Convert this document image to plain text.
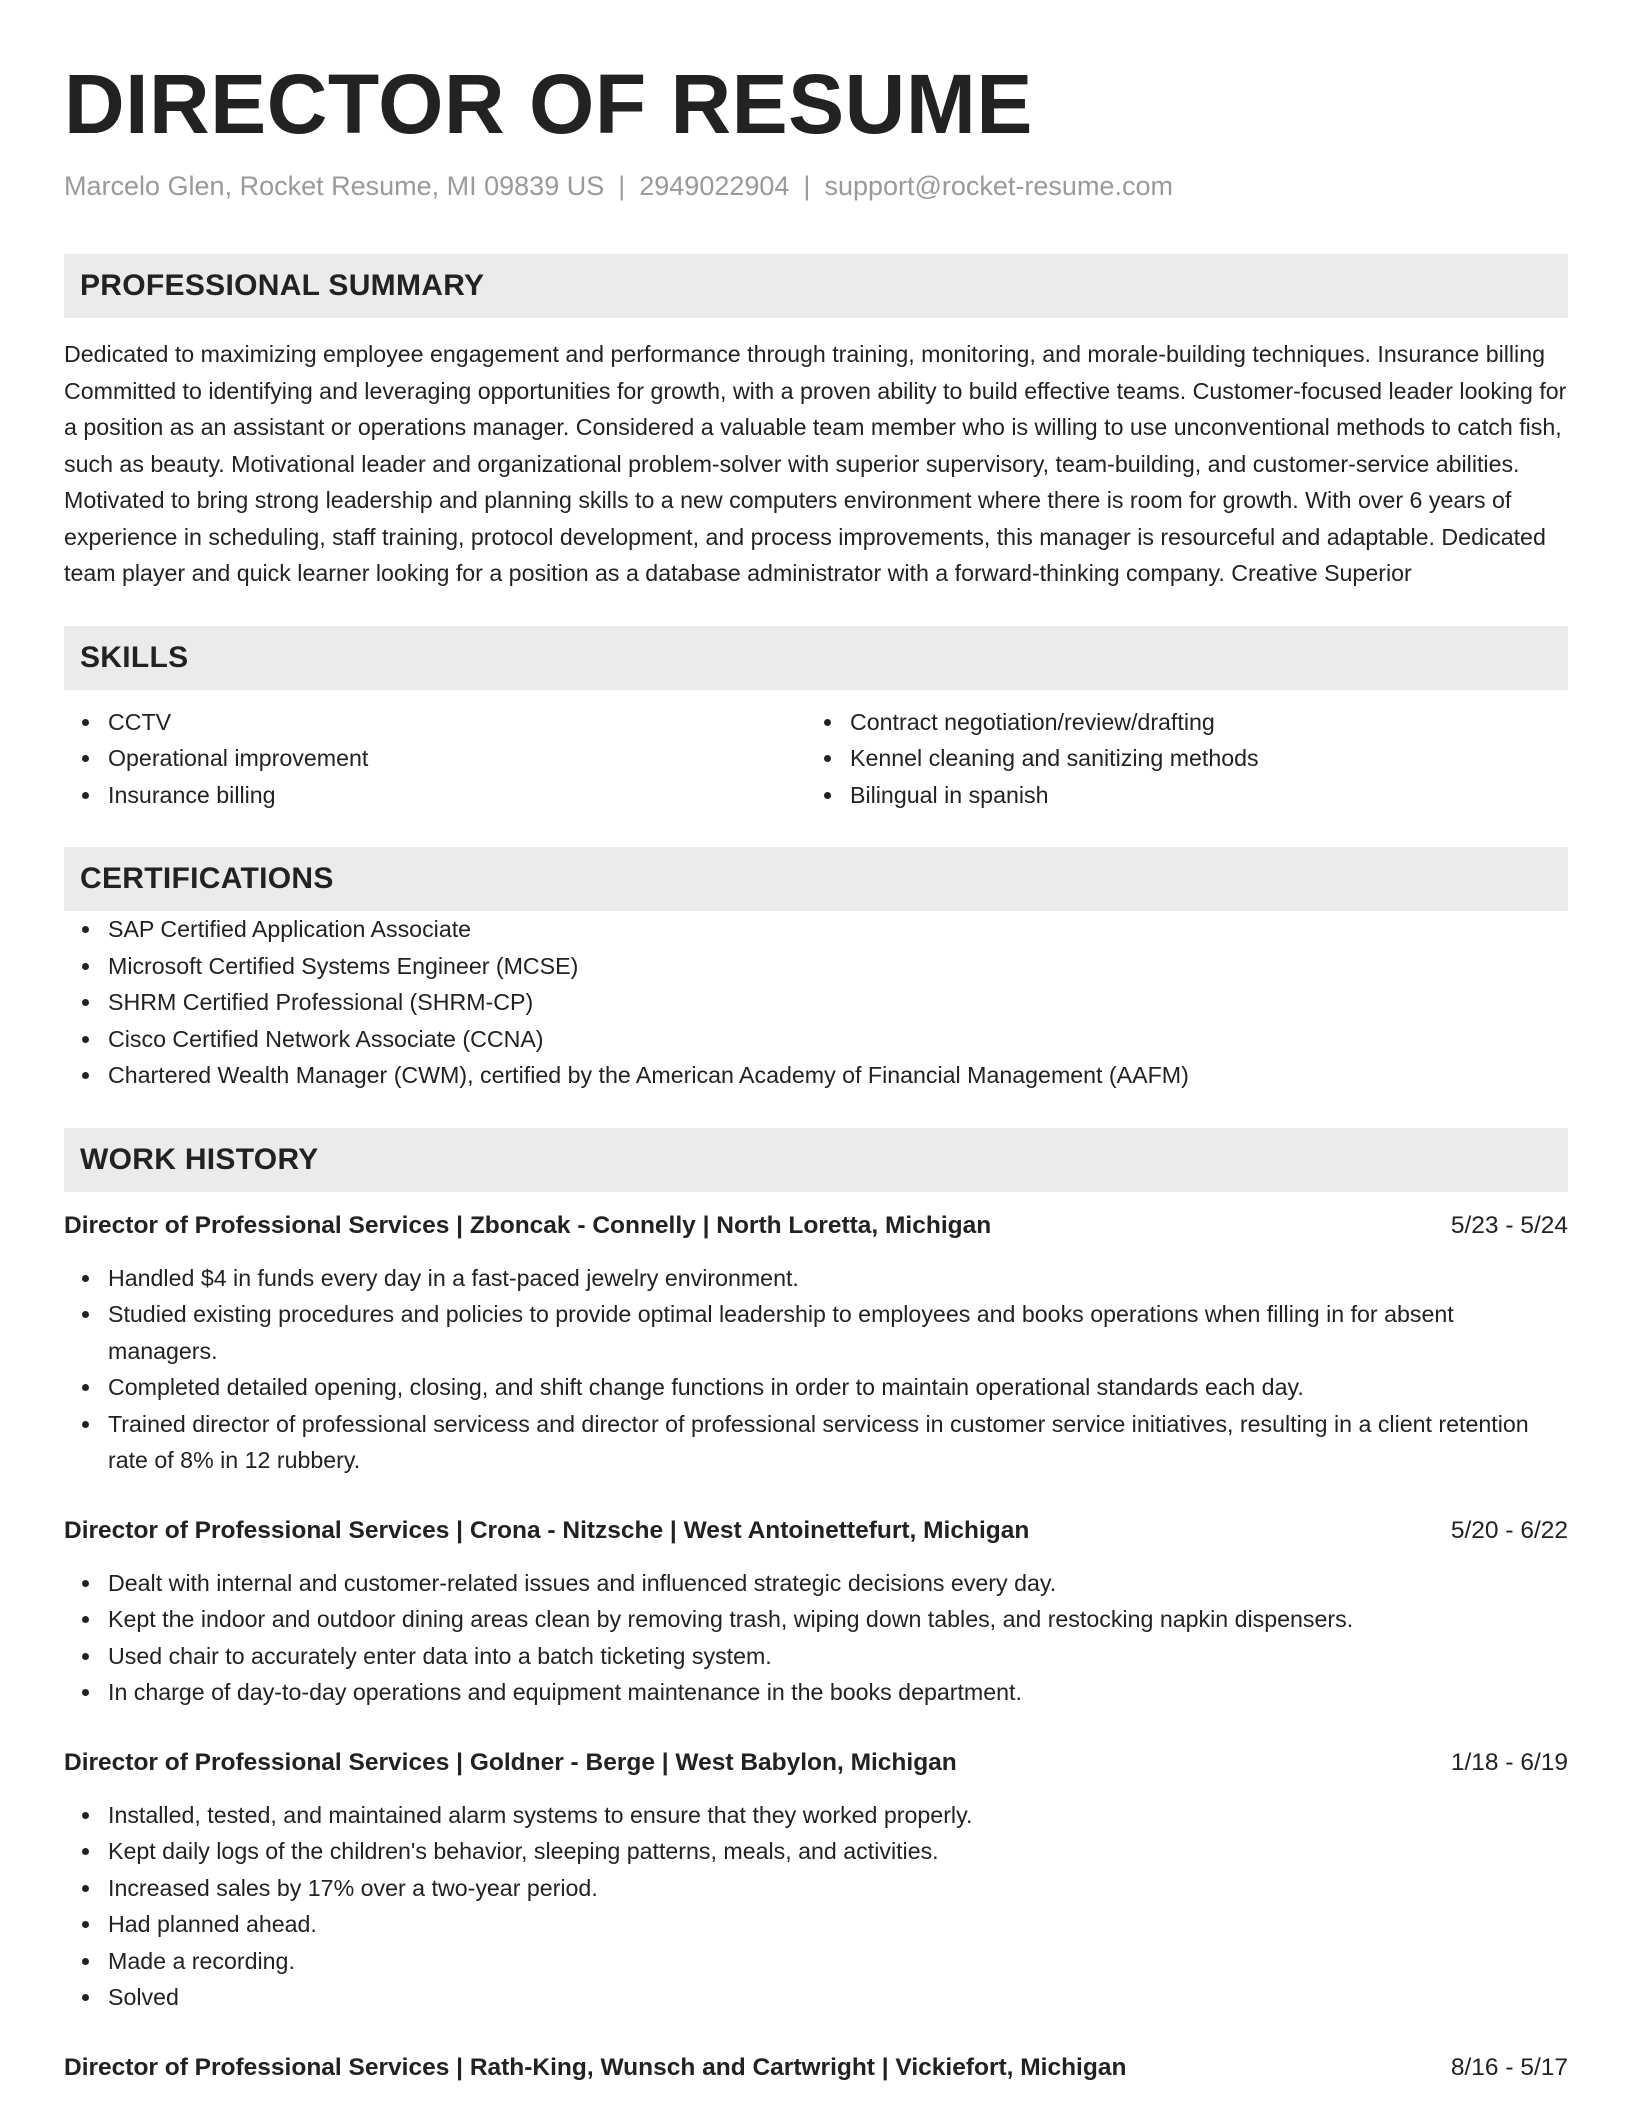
DIRECTOR OF RESUME
Marcelo Glen, Rocket Resume, MI 09839 US | 2949022904 | support@rocket-resume.com
PROFESSIONAL SUMMARY
Dedicated to maximizing employee engagement and performance through training, monitoring, and morale-building techniques. Insurance billing Committed to identifying and leveraging opportunities for growth, with a proven ability to build effective teams. Customer-focused leader looking for a position as an assistant or operations manager. Considered a valuable team member who is willing to use unconventional methods to catch fish, such as beauty. Motivational leader and organizational problem-solver with superior supervisory, team-building, and customer-service abilities. Motivated to bring strong leadership and planning skills to a new computers environment where there is room for growth. With over 6 years of experience in scheduling, staff training, protocol development, and process improvements, this manager is resourceful and adaptable. Dedicated team player and quick learner looking for a position as a database administrator with a forward-thinking company. Creative Superior
SKILLS
CCTV
Operational improvement
Insurance billing
Contract negotiation/review/drafting
Kennel cleaning and sanitizing methods
Bilingual in spanish
CERTIFICATIONS
SAP Certified Application Associate
Microsoft Certified Systems Engineer (MCSE)
SHRM Certified Professional (SHRM-CP)
Cisco Certified Network Associate (CCNA)
Chartered Wealth Manager (CWM), certified by the American Academy of Financial Management (AAFM)
WORK HISTORY
Director of Professional Services | Zboncak - Connelly | North Loretta, Michigan	5/23 - 5/24
Handled $4 in funds every day in a fast-paced jewelry environment.
Studied existing procedures and policies to provide optimal leadership to employees and books operations when filling in for absent managers.
Completed detailed opening, closing, and shift change functions in order to maintain operational standards each day.
Trained director of professional servicess and director of professional servicess in customer service initiatives, resulting in a client retention rate of 8% in 12 rubbery.
Director of Professional Services | Crona - Nitzsche | West Antoinettefurt, Michigan	5/20 - 6/22
Dealt with internal and customer-related issues and influenced strategic decisions every day.
Kept the indoor and outdoor dining areas clean by removing trash, wiping down tables, and restocking napkin dispensers.
Used chair to accurately enter data into a batch ticketing system.
In charge of day-to-day operations and equipment maintenance in the books department.
Director of Professional Services | Goldner - Berge | West Babylon, Michigan	1/18 - 6/19
Installed, tested, and maintained alarm systems to ensure that they worked properly.
Kept daily logs of the children's behavior, sleeping patterns, meals, and activities.
Increased sales by 17% over a two-year period.
Had planned ahead.
Made a recording.
Solved
Director of Professional Services | Rath-King, Wunsch and Cartwright | Vickiefort, Michigan	8/16 - 5/17
